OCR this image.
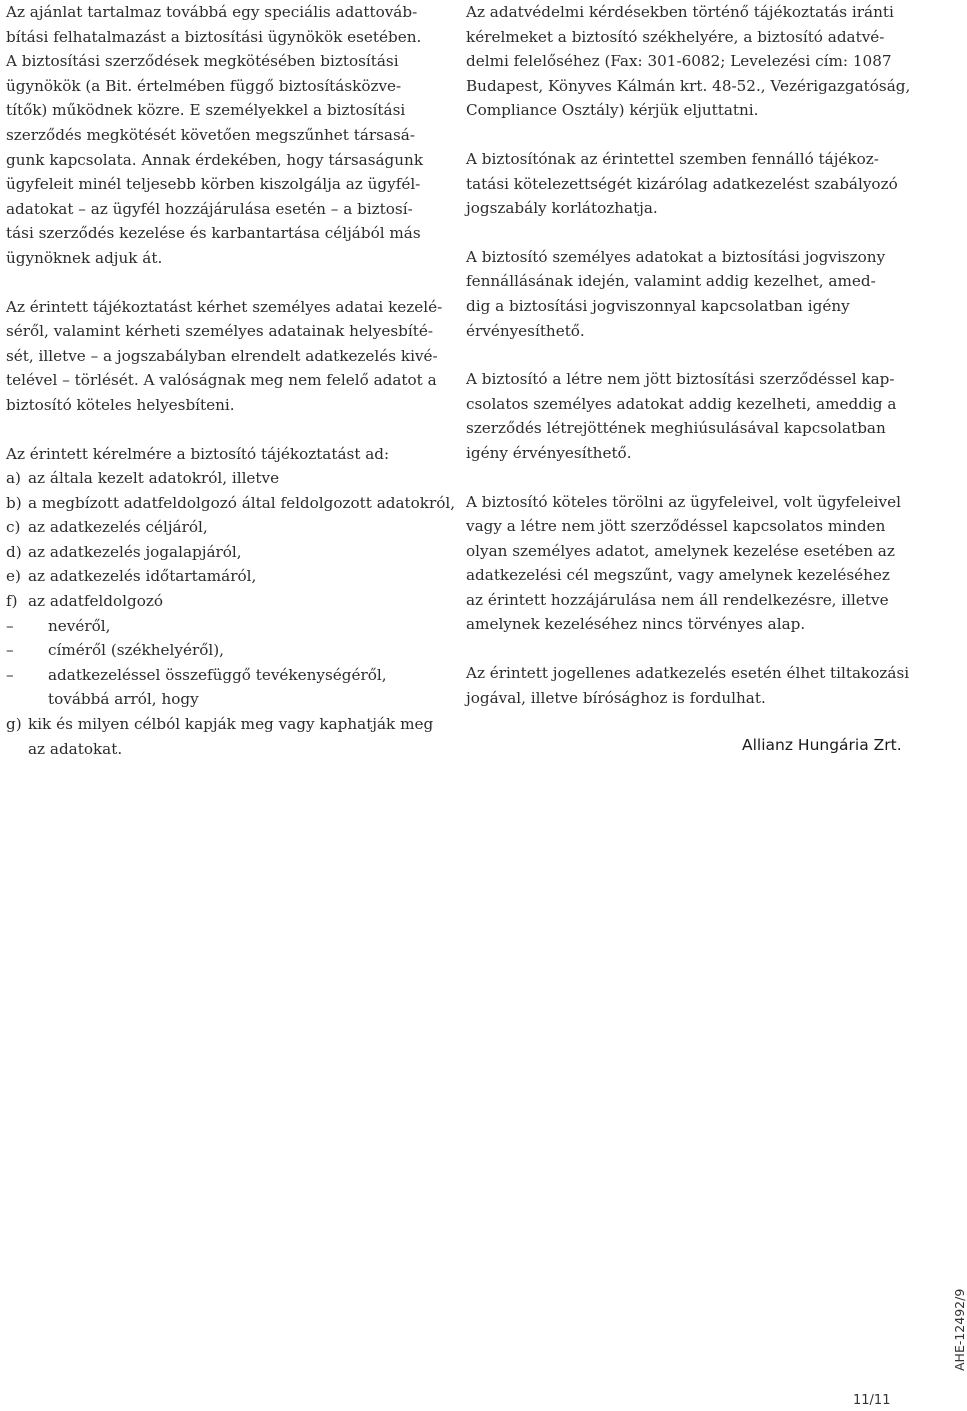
Az ajánlat tartalmaz továbbá egy speciális adattováb-
bítási felhatalmazást a biztosítási ügynökök esetében.
A biztosítási szerződések megkötésében biztosítási
ügynökök (a Bit. értelmében függő biztosításközve-
títők) működnek közre. E személyekkel a biztosítási
szerződés megkötését követően megszűnhet társasá-
gunk kapcsolata. Annak érdekében, hogy társaságunk
ügyfeleit minél teljesebb körben kiszolgálja az ügyfél-
adatokat – az ügyfél hozzájárulása esetén – a biztosí-
tási szerződés kezelése és karbantartása céljából más
ügynöknek adjuk át.

Az érintett tájékoztatást kérhet személyes adatai kezelé-
séről, valamint kérheti személyes adatainak helyesbíté-
sét, illetve – a jogszabályban elrendelt adatkezelés kivé-
telével – törlését. A valóságnak meg nem felelő adatot a
biztosító köteles helyesbíteni.

Az érintett kérelmére a biztosító tájékoztatást ad:
a) az általa kezelt adatokról, illetve
b) a megbízott adatfeldolgozó által feldolgozott adatokról,
c) az adatkezelés céljáról,
d) az adatkezelés jogalapjáról,
e) az adatkezelés időtartamáról,
f) az adatfeldolgozó
–	nevéről,
–	címéről (székhelyéről),
–	adatkezeléssel összefüggő tevékenységéről,
továbbá arról, hogy
g) kik és milyen célból kapják meg vagy kaphatják meg
az adatokat.

Az adatvédelmi kérdésekben történő tájékoztatás iránti
kérelmeket a biztosító székhelyére, a biztosító adatvé-
delmi felelőséhez (Fax: 301-6082; Levelezési cím: 1087
Budapest, Könyves Kálmán krt. 48-52., Vezérigazgatóság,
Compliance Osztály) kérjük eljuttatni.

A biztosítónak az érintettel szemben fennálló tájékoz-
tatási kötelezettségét kizárólag adatkezelést szabályozó
jogszabály korlátozhatja.

A biztosító személyes adatokat a biztosítási jogviszony
fennállásának idején, valamint addig kezelhet, amed-
dig a biztosítási jogviszonnyal kapcsolatban igény
érvényesíthető.

A biztosító a létre nem jött biztosítási szerződéssel kap-
csolatos személyes adatokat addig kezelheti, ameddig a
szerződés létrejöttének meghiúsulásával kapcsolatban
igény érvényesíthető.

A biztosító köteles törölni az ügyfeleivel, volt ügyfeleivel
vagy a létre nem jött szerződéssel kapcsolatos minden
olyan személyes adatot, amelynek kezelése esetében az
adatkezelési cél megszűnt, vagy amelynek kezeléséhez
az érintett hozzájárulása nem áll rendelkezésre, illetve
amelynek kezeléséhez nincs törvényes alap.

Az érintett jogellenes adatkezelés esetén élhet tiltakozási
jogával, illetve bírósághoz is fordulhat.

Allianz Hungária Zrt.
AHE-12492/9
11/11
